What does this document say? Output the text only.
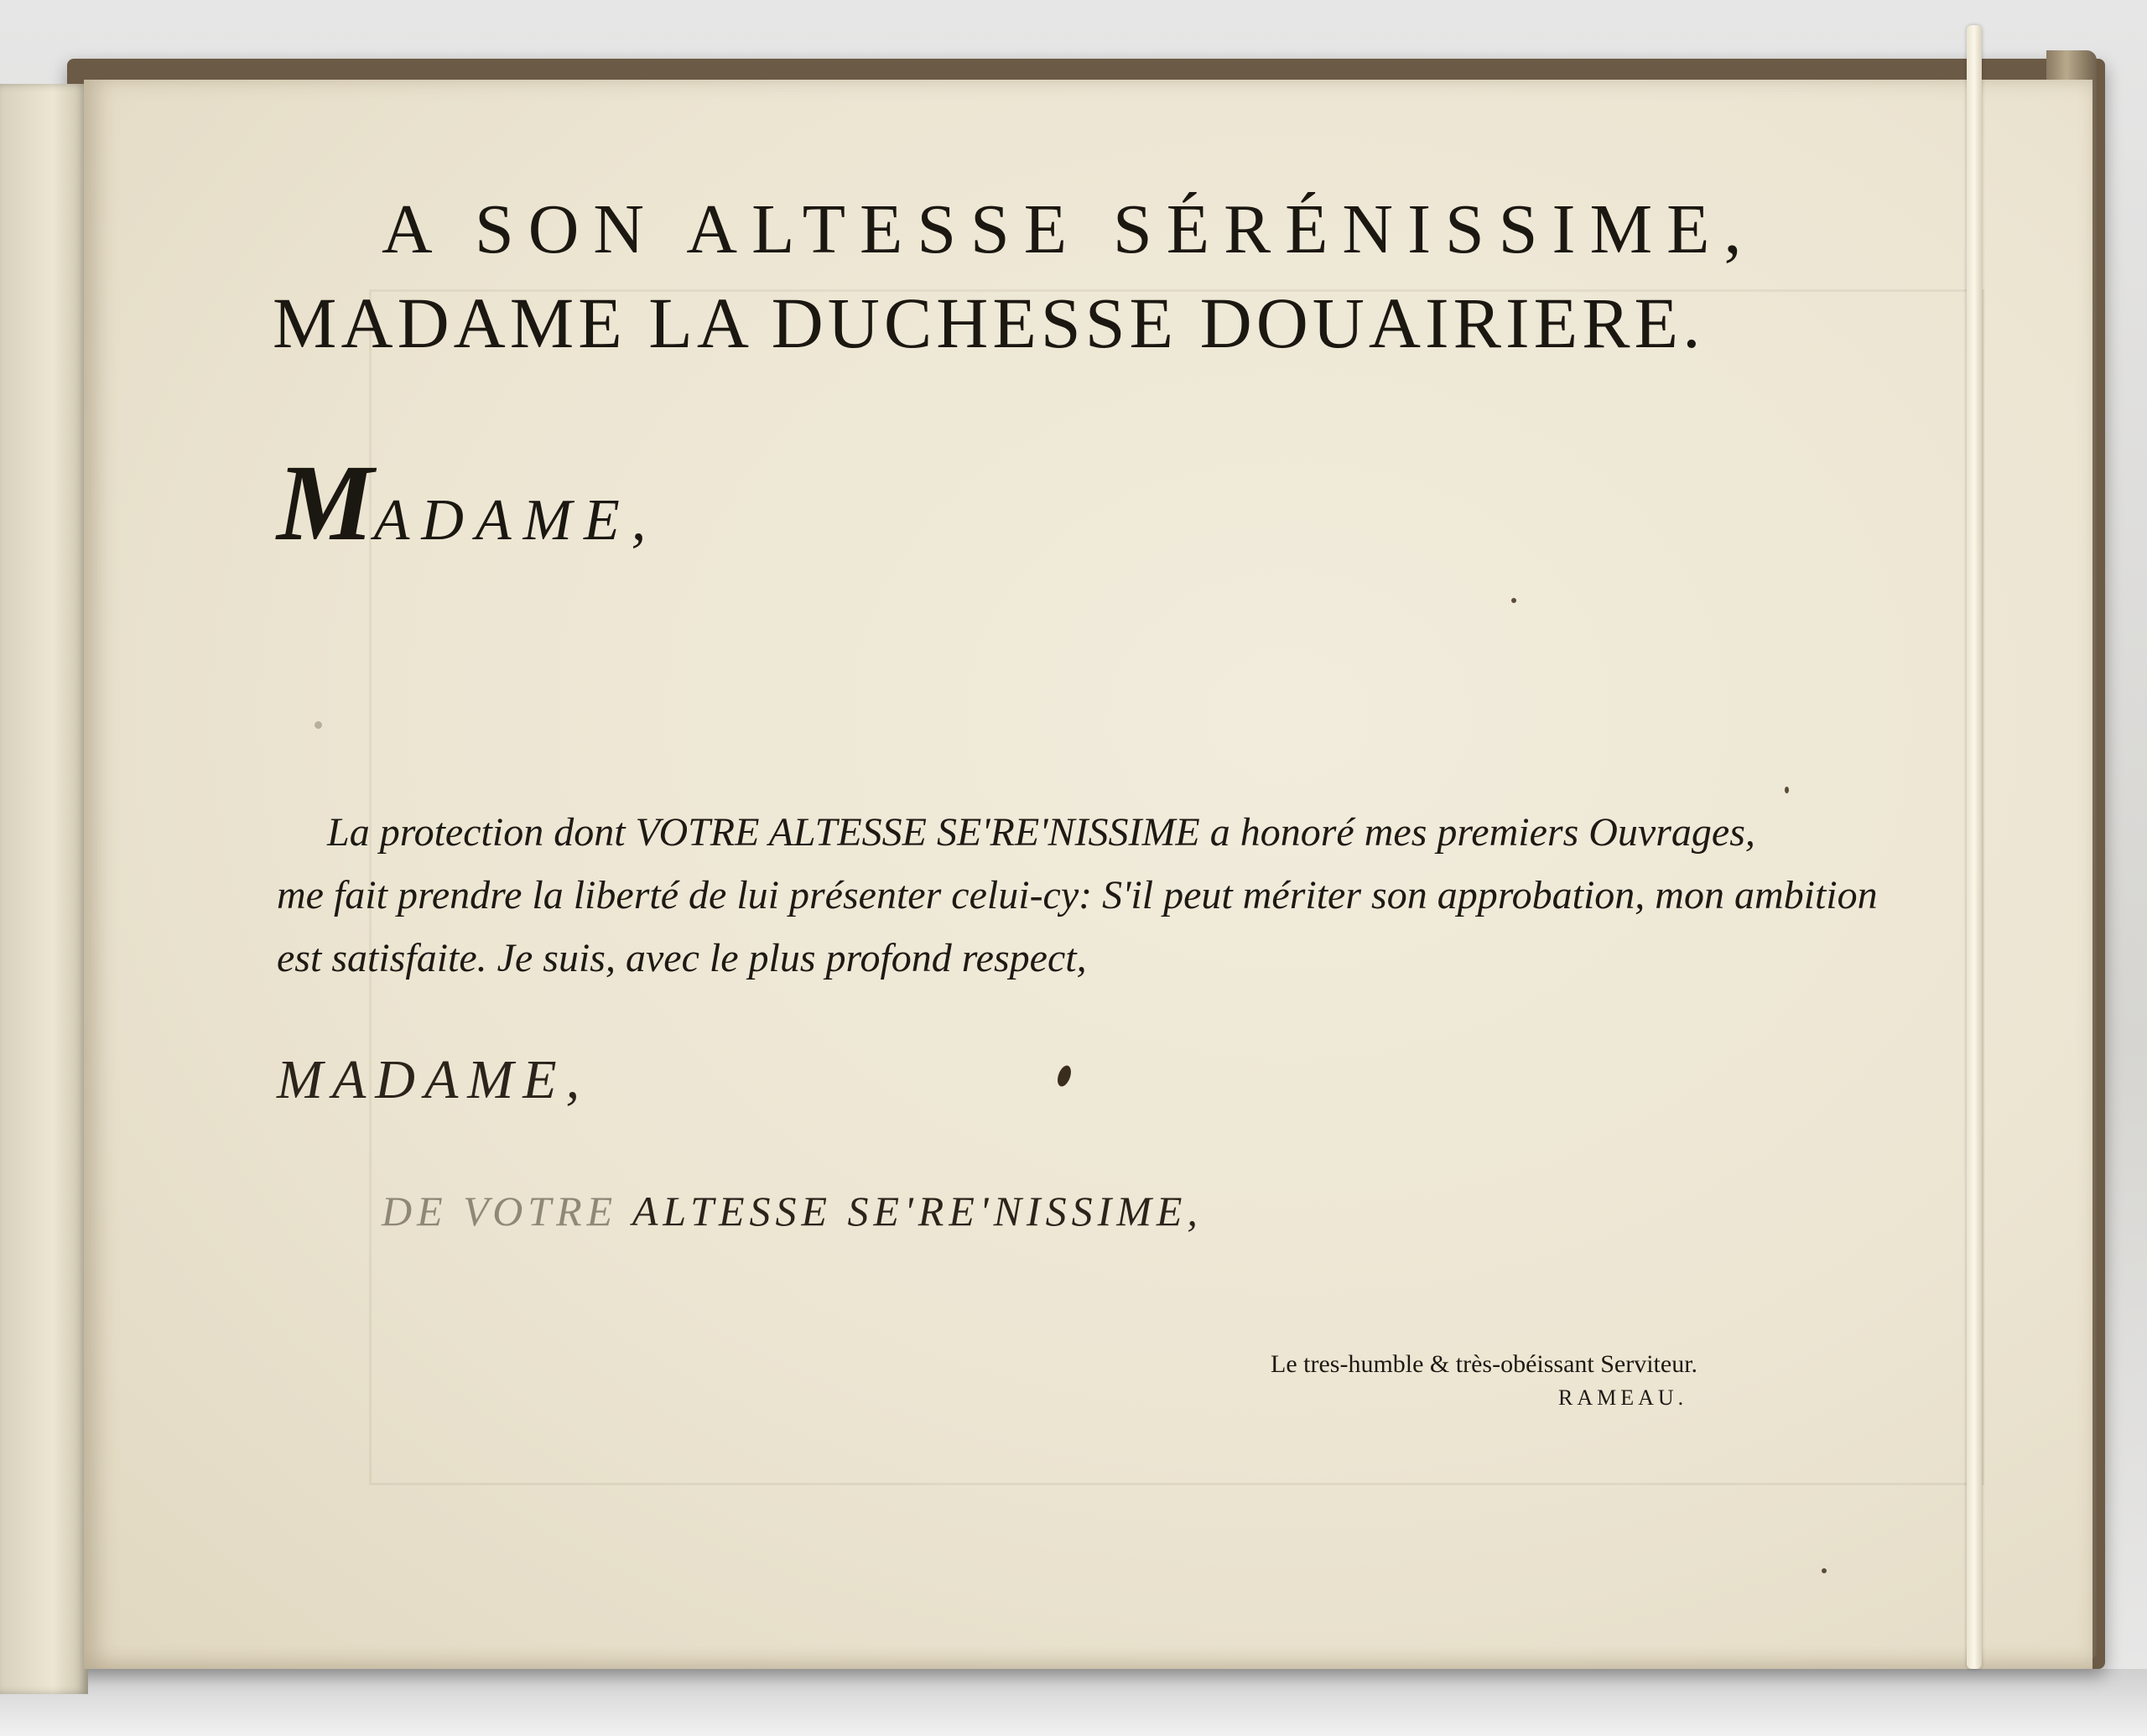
A SON ALTESSE SÉRÉNISSIME,
MADAME LA DUCHESSE DOUAIRIERE.
MADAME,
La protection dont VOTRE ALTESSE SE'RE'NISSIME a honoré mes premiers Ouvrages,
me fait prendre la liberté de lui présenter celui-cy: S'il peut mériter son approbation, mon ambition
est satisfaite. Je suis, avec le plus profond respect,
MADAME,
DE VOTRE ALTESSE SE'RE'NISSIME,
Le tres-humble & très-obéissant Serviteur.
RAMEAU.
